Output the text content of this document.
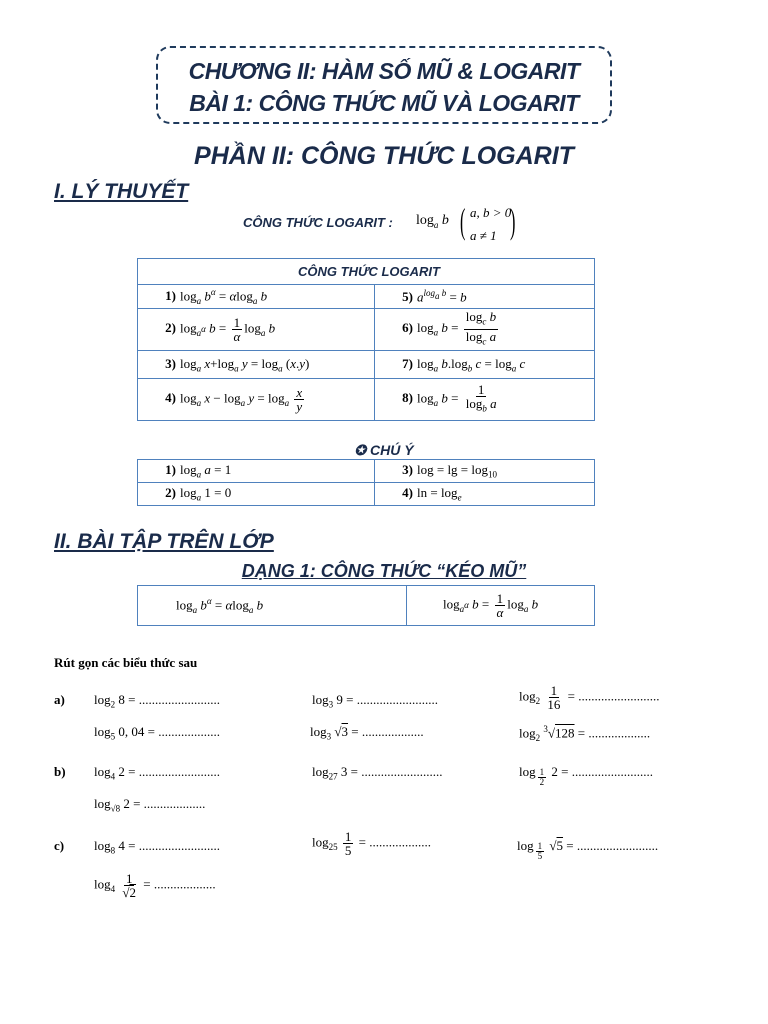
CHƯƠNG II: HÀM SỐ MŨ & LOGARIT
BÀI 1: CÔNG THỨC MŨ VÀ LOGARIT
PHẦN II: CÔNG THỨC LOGARIT
I. LÝ THUYẾT
CÔNG THỨC LOGARIT : $\log_a b$ ( )
a, b > 0
a ≠ 1
CÔNG THỨC LOGARIT	
1) $\log_a b^\alpha = \alpha\log_a$ b	5) $a^{log_a b} = b$
2) $\log_{a^\alpha} b = \frac{1}{\alpha} \log_a b$	6) $\log_a b = \frac{\log_c b}{\log_c a}$

3) $\log_a x+\log_a$ $y = \log_a (x.y)$	7) $\log_a b.\log_b$ $c = \log_a c$
4) $\log_a x - \log_a y = \log_a \frac{x}{y}$	8) $\log_a b = \frac{1}{\log_b a}$
✪ CHÚ Ý
1) $\log_a a = 1$	3) $\log = \lg = \log_{10}$
2) $\log_a 1 = 0$	4) $\ln = \log_e$
II. BÀI TẬP TRÊN LỚP
DẠNG 1: CÔNG THỨC “KÉO MŨ”
$\log_a b^\alpha = \alpha\log_a$ b	$\log_{a^\alpha} b = \frac{1}{\alpha} \log_a b$
Rút gọn các biểu thức sau
a) $\log_2 8$ = .........................	$\log_3 9$ = .........................	$\log_2 \frac{1}{16}$ = .........................
$\log_5 0$, 04 = ...................	$\log_3 √3$ = ...................	$\log_2 ^3√128$ = ...................
b) $\log_4 2$ = .........................	$\log_{27} 3$ = .........................	log $_{\frac{1}{2}}$ 2 = .........................
$\log_{√8} 2$ = ...................
c) $\log_8 4$ = .........................	$\log_{25} \frac{1}{5}$ = ...................	log $_{\frac{1}{5}}$ √5 = .........................
$\log_4 \frac{1}{√2}$ = ...................
